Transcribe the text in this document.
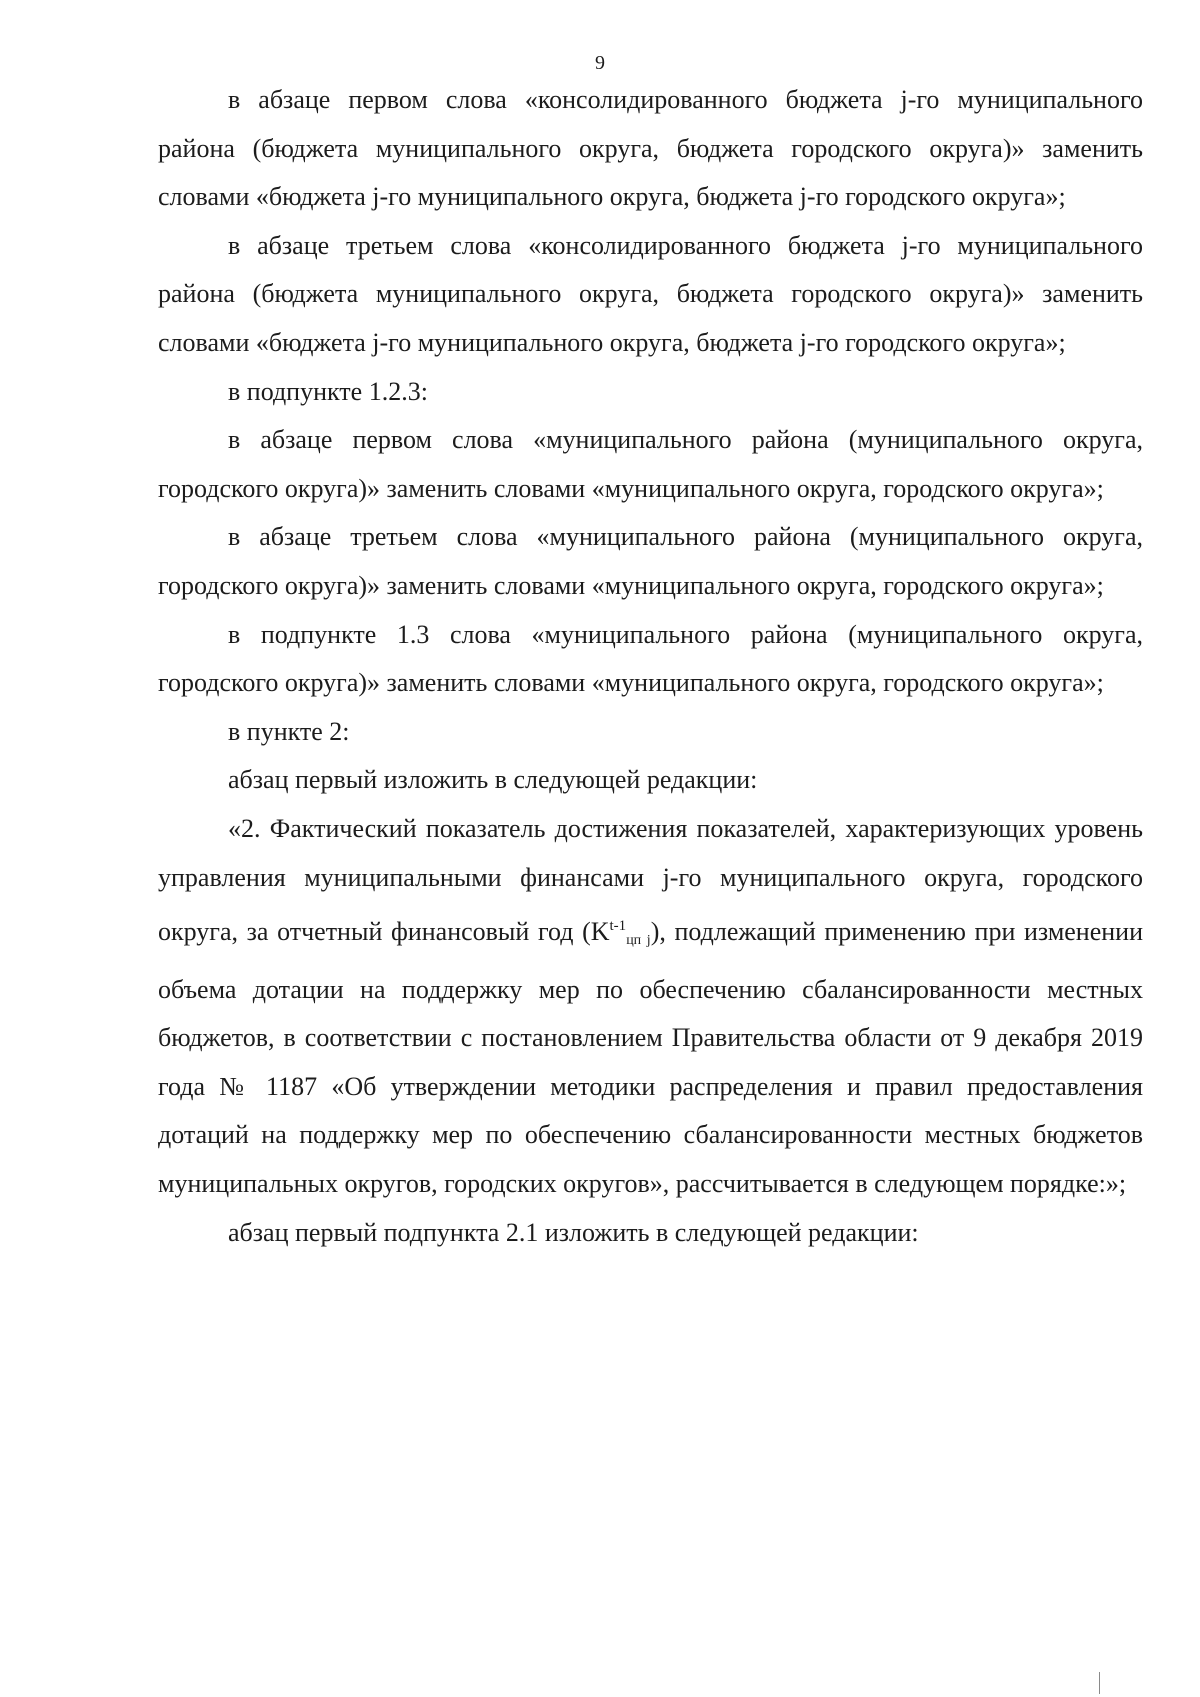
9

в абзаце первом слова «консолидированного бюджета j-го муниципального района (бюджета муниципального округа, бюджета городского округа)» заменить словами «бюджета j-го муниципального округа, бюджета j-го городского округа»;

в абзаце третьем слова «консолидированного бюджета j-го муниципального района (бюджета муниципального округа, бюджета городского округа)» заменить словами «бюджета j-го муниципального округа, бюджета j-го городского округа»;

в подпункте 1.2.3:

в абзаце первом слова «муниципального района (муниципального округа, городского округа)» заменить словами «муниципального округа, городского округа»;

в абзаце третьем слова «муниципального района (муниципального округа, городского округа)» заменить словами «муниципального округа, городского округа»;

в подпункте 1.3 слова «муниципального района (муниципального округа, городского округа)» заменить словами «муниципального округа, городского округа»;

в пункте 2:

абзац первый изложить в следующей редакции:

«2. Фактический показатель достижения показателей, характеризующих уровень управления муниципальными финансами j-го муниципального округа, городского округа, за отчетный финансовый год ($K^{t-1}цп$ j), подлежащий применению при изменении объема дотации на поддержку мер по обеспечению сбалансированности местных бюджетов, в соответствии с постановлением Правительства области от 9 декабря 2019 года № 1187 «Об утверждении методики распределения и правил предоставления дотаций на поддержку мер по обеспечению сбалансированности местных бюджетов муниципальных округов, городских округов», рассчитывается в следующем порядке:»;

абзац первый подпункта 2.1 изложить в следующей редакции:
